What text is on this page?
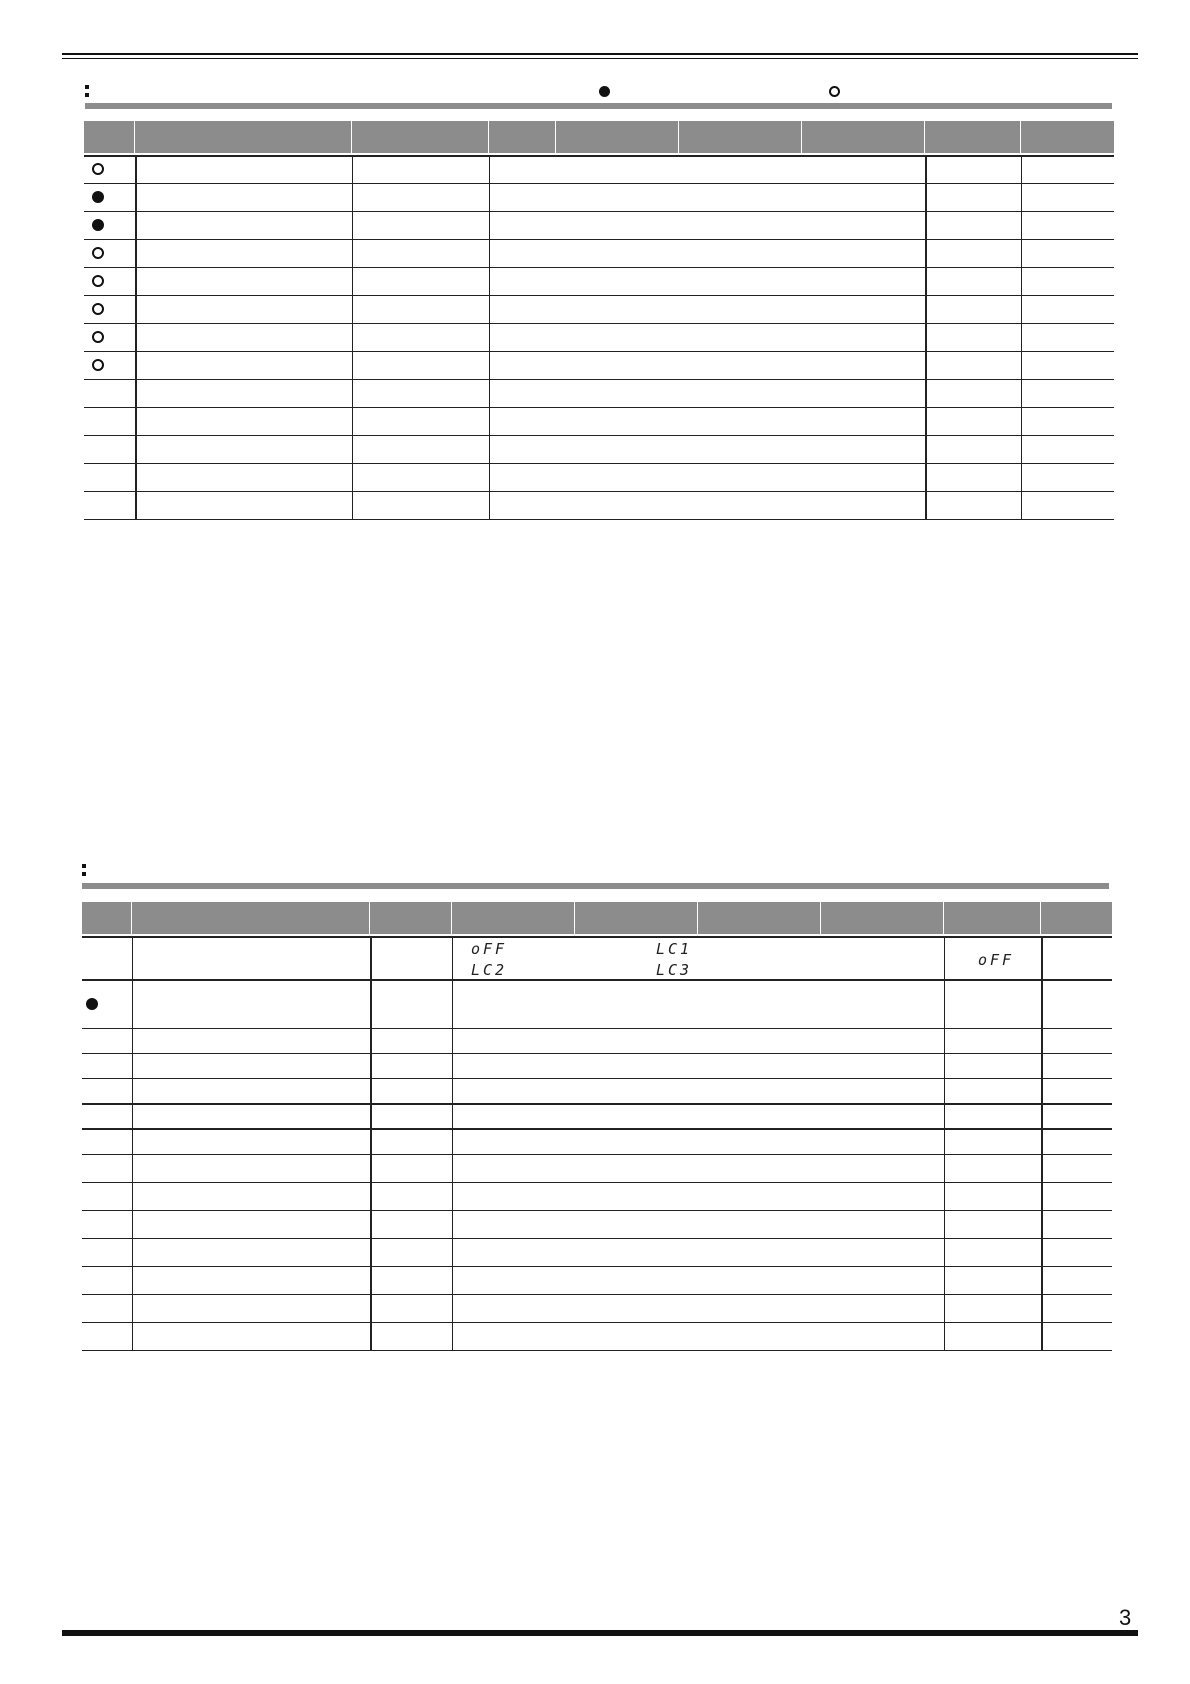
oFF	LC1
LC2	LC3
oFF
3
